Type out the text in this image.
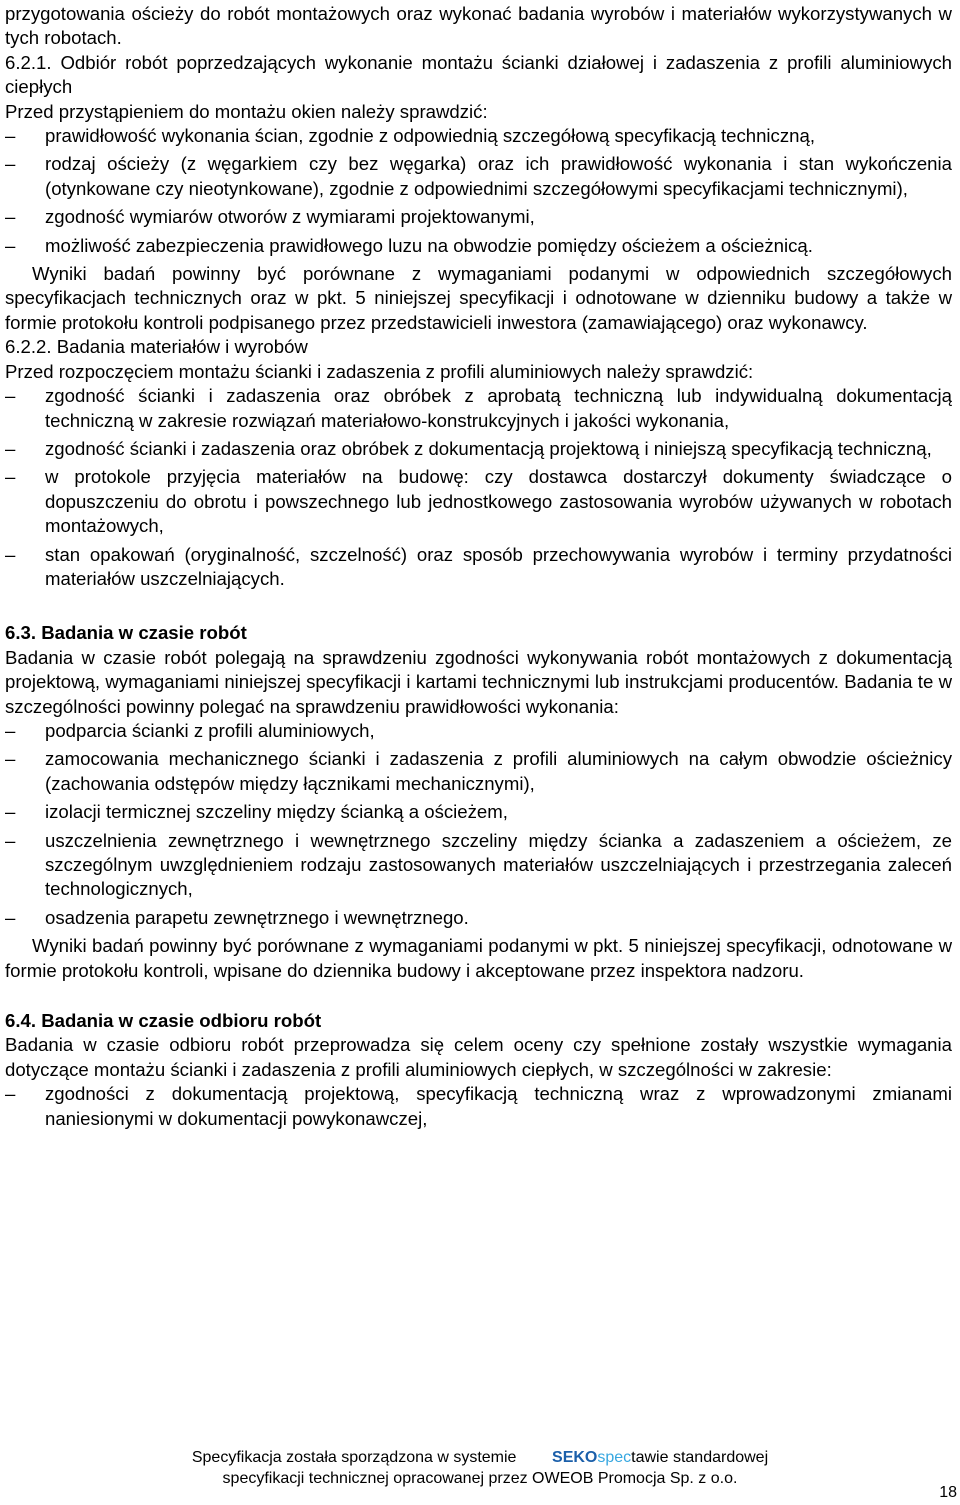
przygotowania ościeży do robót montażowych oraz wykonać badania wyrobów i materiałów wykorzystywanych w tych robotach.

6.2.1. Odbiór robót poprzedzających wykonanie montażu ścianki działowej i zadaszenia z profili aluminiowych ciepłych

Przed przystąpieniem do montażu okien należy sprawdzić:

– prawidłowość wykonania ścian, zgodnie z odpowiednią szczegółową specyfikacją techniczną,
– rodzaj ościeży (z węgarkiem czy bez węgarka) oraz ich prawidłowość wykonania i stan wykończenia (otynkowane czy nieotynkowane), zgodnie z odpowiednimi szczegółowymi specyfikacjami technicznymi),
– zgodność wymiarów otworów z wymiarami projektowanymi,
– możliwość zabezpieczenia prawidłowego luzu na obwodzie pomiędzy ościeżem a ościeżnicą.

Wyniki badań powinny być porównane z wymaganiami podanymi w odpowiednich szczegółowych specyfikacjach technicznych oraz w pkt. 5 niniejszej specyfikacji i odnotowane w dzienniku budowy a także w formie protokołu kontroli podpisanego przez przedstawicieli inwestora (zamawiającego) oraz wykonawcy.

6.2.2. Badania materiałów i wyrobów

Przed rozpoczęciem montażu ścianki i zadaszenia z profili aluminiowych należy sprawdzić:

– zgodność ścianki i zadaszenia oraz obróbek z aprobatą techniczną lub indywidualną dokumentacją techniczną w zakresie rozwiązań materiałowo-konstrukcyjnych i jakości wykonania,
– zgodność ścianki i zadaszenia oraz obróbek z dokumentacją projektową i niniejszą specyfikacją techniczną,
– w protokole przyjęcia materiałów na budowę: czy dostawca dostarczył dokumenty świadczące o dopuszczeniu do obrotu i powszechnego lub jednostkowego zastosowania wyrobów używanych w robotach montażowych,
– stan opakowań (oryginalność, szczelność) oraz sposób przechowywania wyrobów i terminy przydatności materiałów uszczelniających.

6.3. Badania w czasie robót

Badania w czasie robót polegają na sprawdzeniu zgodności wykonywania robót montażowych z dokumentacją projektową, wymaganiami niniejszej specyfikacji i kartami technicznymi lub instrukcjami producentów. Badania te w szczególności powinny polegać na sprawdzeniu prawidłowości wykonania:

– podparcia ścianki z profili aluminiowych,
– zamocowania mechanicznego ścianki i zadaszenia z profili aluminiowych na całym obwodzie ościeżnicy (zachowania odstępów między łącznikami mechanicznymi),
– izolacji termicznej szczeliny między ścianką a ościeżem,
– uszczelnienia zewnętrznego i wewnętrznego szczeliny między ścianka a zadaszeniem a ościeżem, ze szczególnym uwzględnieniem rodzaju zastosowanych materiałów uszczelniających i przestrzegania zaleceń technologicznych,
– osadzenia parapetu zewnętrznego i wewnętrznego.

Wyniki badań powinny być porównane z wymaganiami podanymi w pkt. 5 niniejszej specyfikacji, odnotowane w formie protokołu kontroli, wpisane do dziennika budowy i akceptowane przez inspektora nadzoru.

6.4. Badania w czasie odbioru robót

Badania w czasie odbioru robót przeprowadza się celem oceny czy spełnione zostały wszystkie wymagania dotyczące montażu ścianki i zadaszenia z profili aluminiowych ciepłych, w szczególności w zakresie:

– zgodności z dokumentacją projektową, specyfikacją techniczną wraz z wprowadzonymi zmianami naniesionymi w dokumentacji powykonawczej,
Specyfikacja została sporządzona w systemie SEKOspectawie standardowej
specyfikacji technicznej opracowanej przez OWEOB Promocja Sp. z o.o.
18
